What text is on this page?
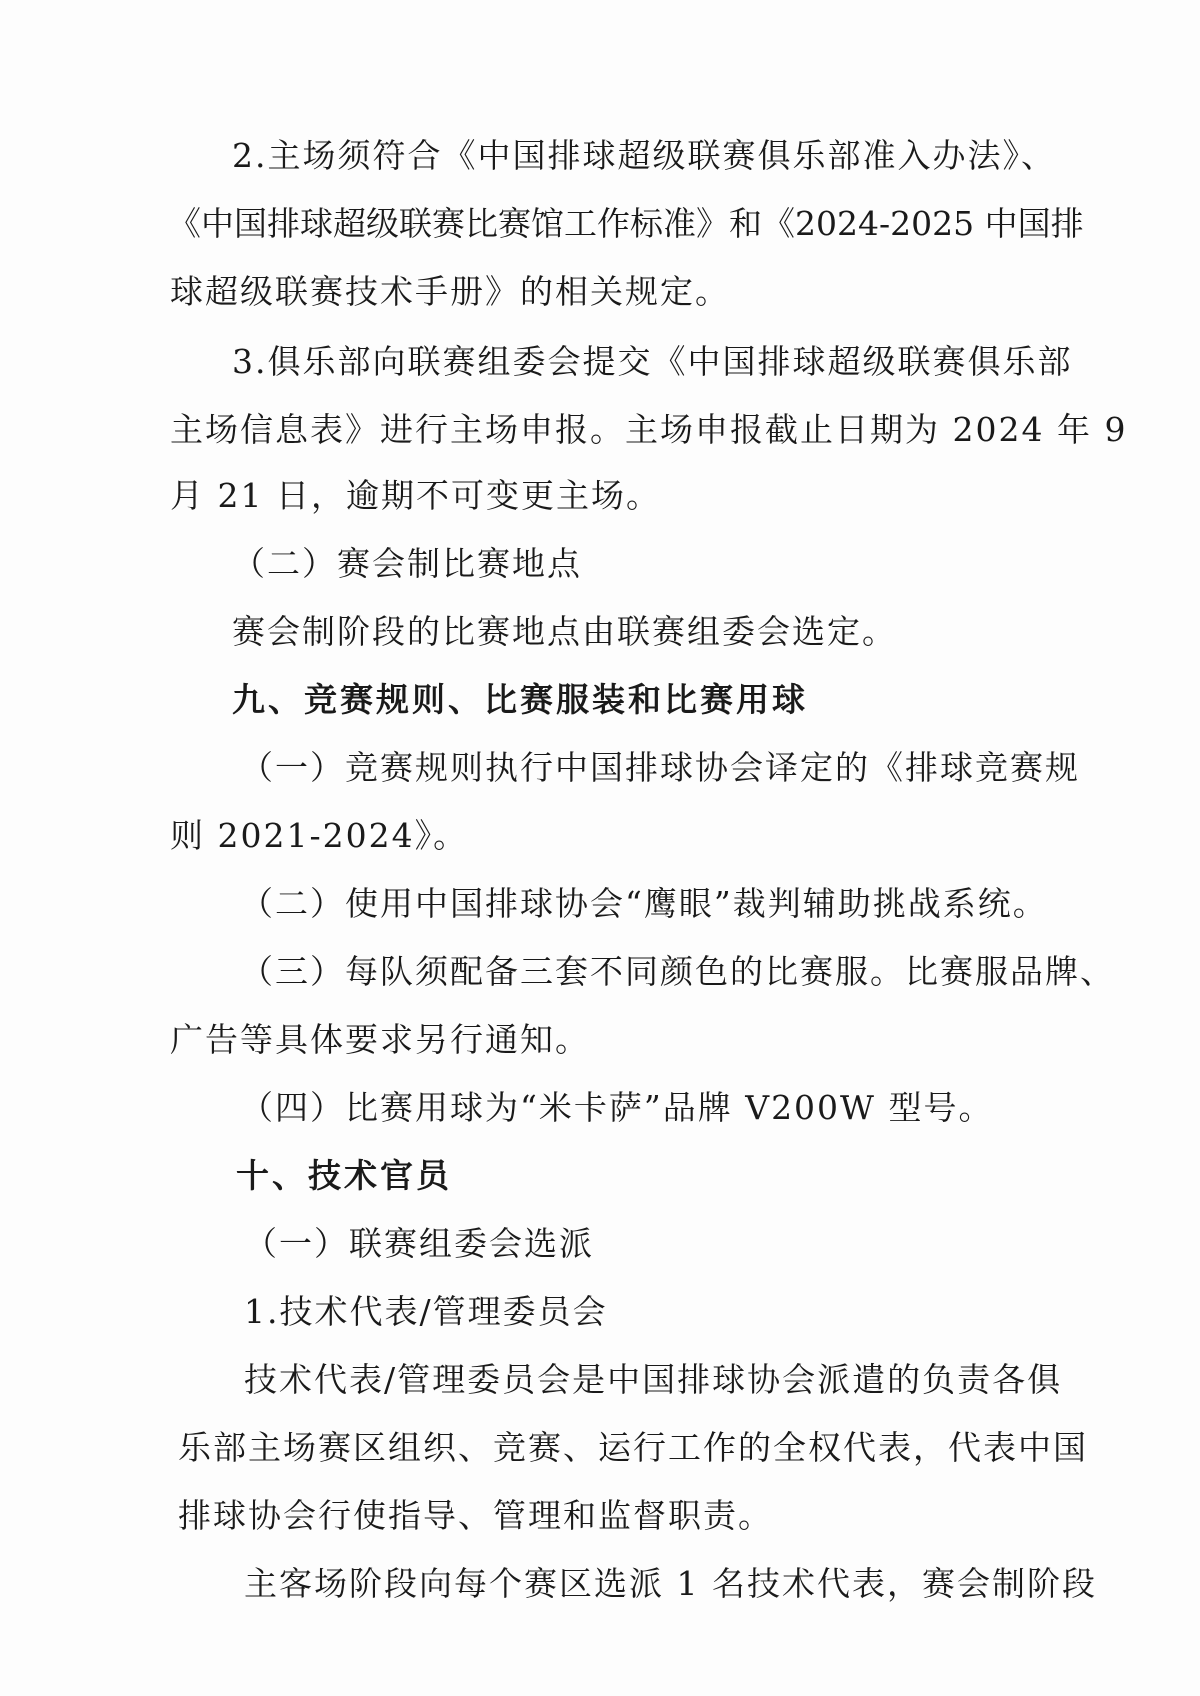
2.主场须符合《中国排球超级联赛俱乐部准入办法》、
《中国排球超级联赛比赛馆工作标准》和《2024-2025 中国排
球超级联赛技术手册》的相关规定。
3.俱乐部向联赛组委会提交《中国排球超级联赛俱乐部
主场信息表》进行主场申报。主场申报截止日期为 2024 年 9
月 21 日，逾期不可变更主场。
（二）赛会制比赛地点
赛会制阶段的比赛地点由联赛组委会选定。
九、竞赛规则、比赛服装和比赛用球
（一）竞赛规则执行中国排球协会译定的《排球竞赛规
则 2021-2024》。
（二）使用中国排球协会“鹰眼”裁判辅助挑战系统。
（三）每队须配备三套不同颜色的比赛服。比赛服品牌、
广告等具体要求另行通知。
（四）比赛用球为“米卡萨”品牌 V200W 型号。
十、技术官员
（一）联赛组委会选派
1.技术代表/管理委员会
技术代表/管理委员会是中国排球协会派遣的负责各俱
乐部主场赛区组织、竞赛、运行工作的全权代表，代表中国
排球协会行使指导、管理和监督职责。
主客场阶段向每个赛区选派 1 名技术代表，赛会制阶段
